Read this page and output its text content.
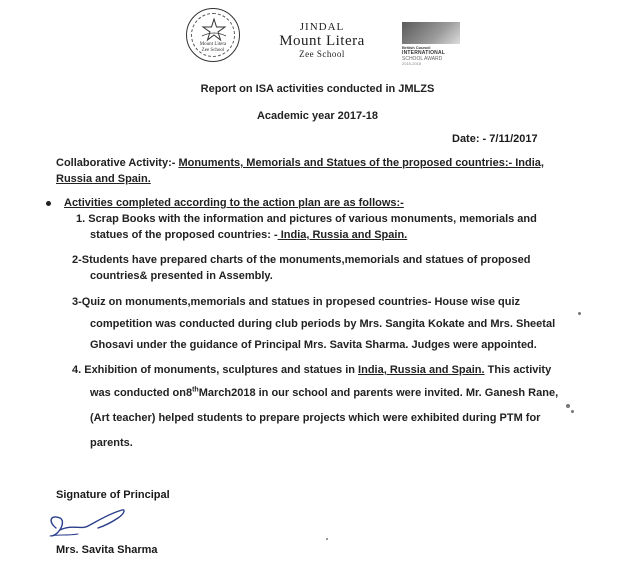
Mount Litera
Zee School
JINDAL
Mount Litera
Zee School
British Council
INTERNATIONAL
SCHOOL AWARD
2015-2018
Report on ISA activities conducted in JMLZS
Academic year 2017-18
Date: - 7/11/2017
Collaborative Activity:- Monuments, Memorials and Statues of the proposed countries:- India,
Russia and Spain.
Activities completed according to the action plan are as follows:-
1. Scrap Books with the information and pictures of various monuments, memorials and
statues of the proposed countries: - India, Russia and Spain.
2-Students have prepared charts of the monuments,memorials and statues of proposed
countries& presented in Assembly.
3-Quiz on monuments,memorials and statues in propesed countries- House wise quiz
competition was conducted during club periods by Mrs. Sangita Kokate and Mrs. Sheetal
Ghosavi under the guidance of Principal Mrs. Savita Sharma. Judges were appointed.
4. Exhibition of monuments, sculptures and statues in India, Russia and Spain. This activity
was conducted on8thMarch2018 in our school and parents were invited. Mr. Ganesh Rane,
(Art teacher) helped students to prepare projects which were exhibited during PTM for
parents.
Signature of Principal
Mrs. Savita Sharma
